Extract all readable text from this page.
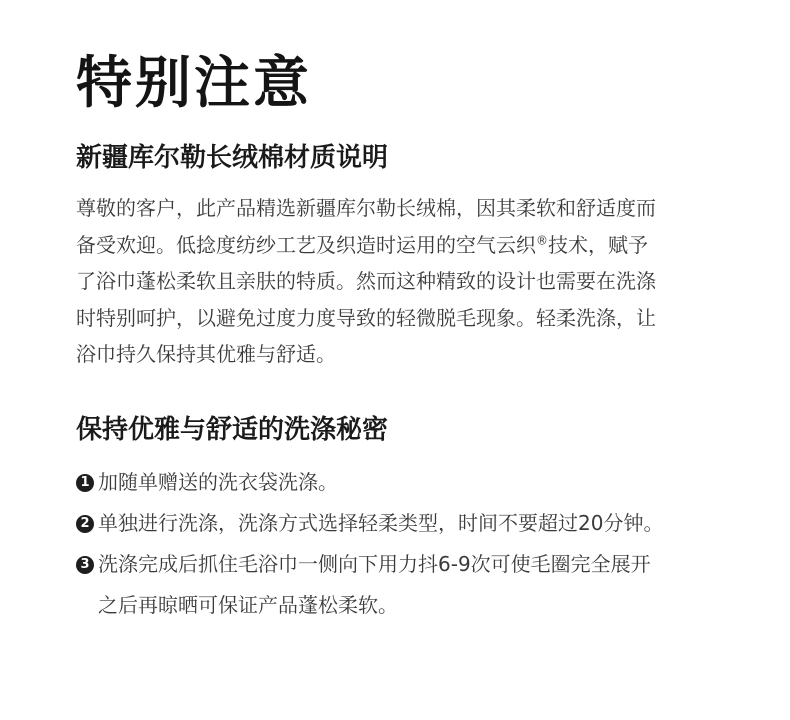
特别注意
新疆库尔勒长绒棉材质说明
尊敬的客户，此产品精选新疆库尔勒长绒棉，因其柔软和舒适度而
备受欢迎。低捻度纺纱工艺及织造时运用的空气云织®技术，赋予
了浴巾蓬松柔软且亲肤的特质。然而这种精致的设计也需要在洗涤
时特别呵护，以避免过度力度导致的轻微脱毛现象。轻柔洗涤，让
浴巾持久保持其优雅与舒适。
保持优雅与舒适的洗涤秘密
1 加随单赠送的洗衣袋洗涤。
2 单独进行洗涤，洗涤方式选择轻柔类型，时间不要超过20分钟。
3 洗涤完成后抓住毛浴巾一侧向下用力抖6-9次可使毛圈完全展开
之后再晾晒可保证产品蓬松柔软。
